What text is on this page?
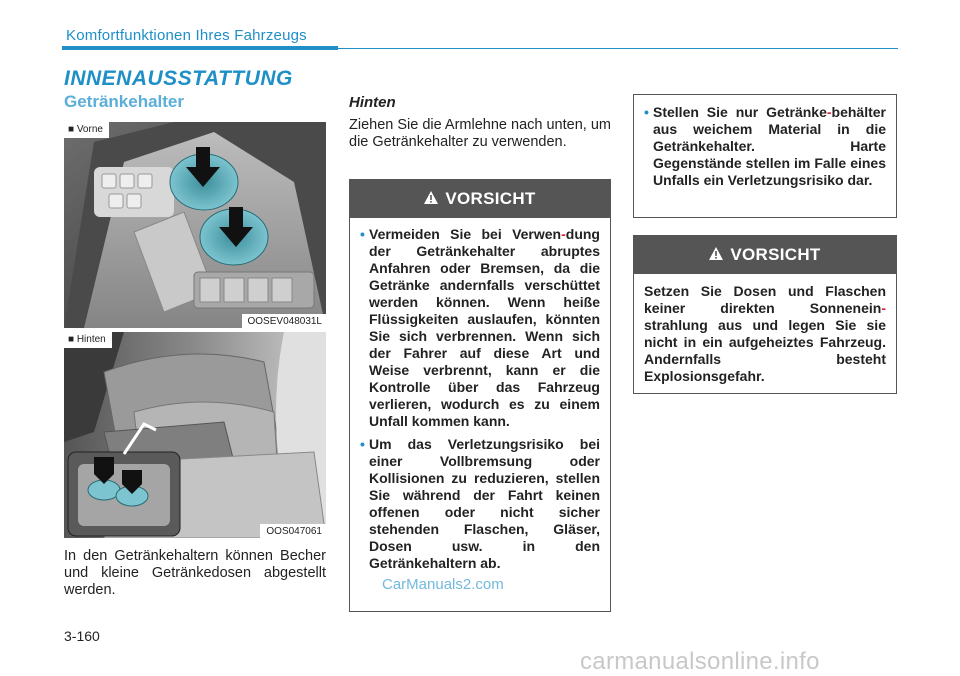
Komfortfunktionen Ihres Fahrzeugs
INNENAUSSTATTUNG
Getränkehalter
■ Vorne
OOSEV048031L
■ Hinten
OOS047061
In den Getränkehaltern können Becher und kleine Getränkedosen abgestellt werden.
Hinten
Ziehen Sie die Armlehne nach unten, um die Getränkehalter zu verwenden.
VORSICHT
• Vermeiden Sie bei Verwen-dung der Getränkehalter abruptes Anfahren oder Bremsen, da die Getränke andernfalls verschüttet werden können. Wenn heiße Flüssigkeiten auslaufen, könnten Sie sich verbrennen. Wenn sich der Fahrer auf diese Art und Weise verbrennt, kann er die Kontrolle über das Fahrzeug verlieren, wodurch es zu einem Unfall kommen kann.
• Um das Verletzungsrisiko bei einer Vollbremsung oder Kollisionen zu reduzieren, stellen Sie während der Fahrt keinen offenen oder nicht sicher stehenden Flaschen, Gläser, Dosen usw. in den Getränkehaltern ab.
• Stellen Sie nur Getränke-behälter aus weichem Material in die Getränkehalter. Harte Gegenstände stellen im Falle eines Unfalls ein Verletzungsrisiko dar.
VORSICHT
Setzen Sie Dosen und Flaschen keiner direkten Sonnenein-strahlung aus und legen Sie sie nicht in ein aufgeheiztes Fahrzeug. Andernfalls besteht Explosionsgefahr.
3-160
CarManuals2.com
carmanualsonline.info
